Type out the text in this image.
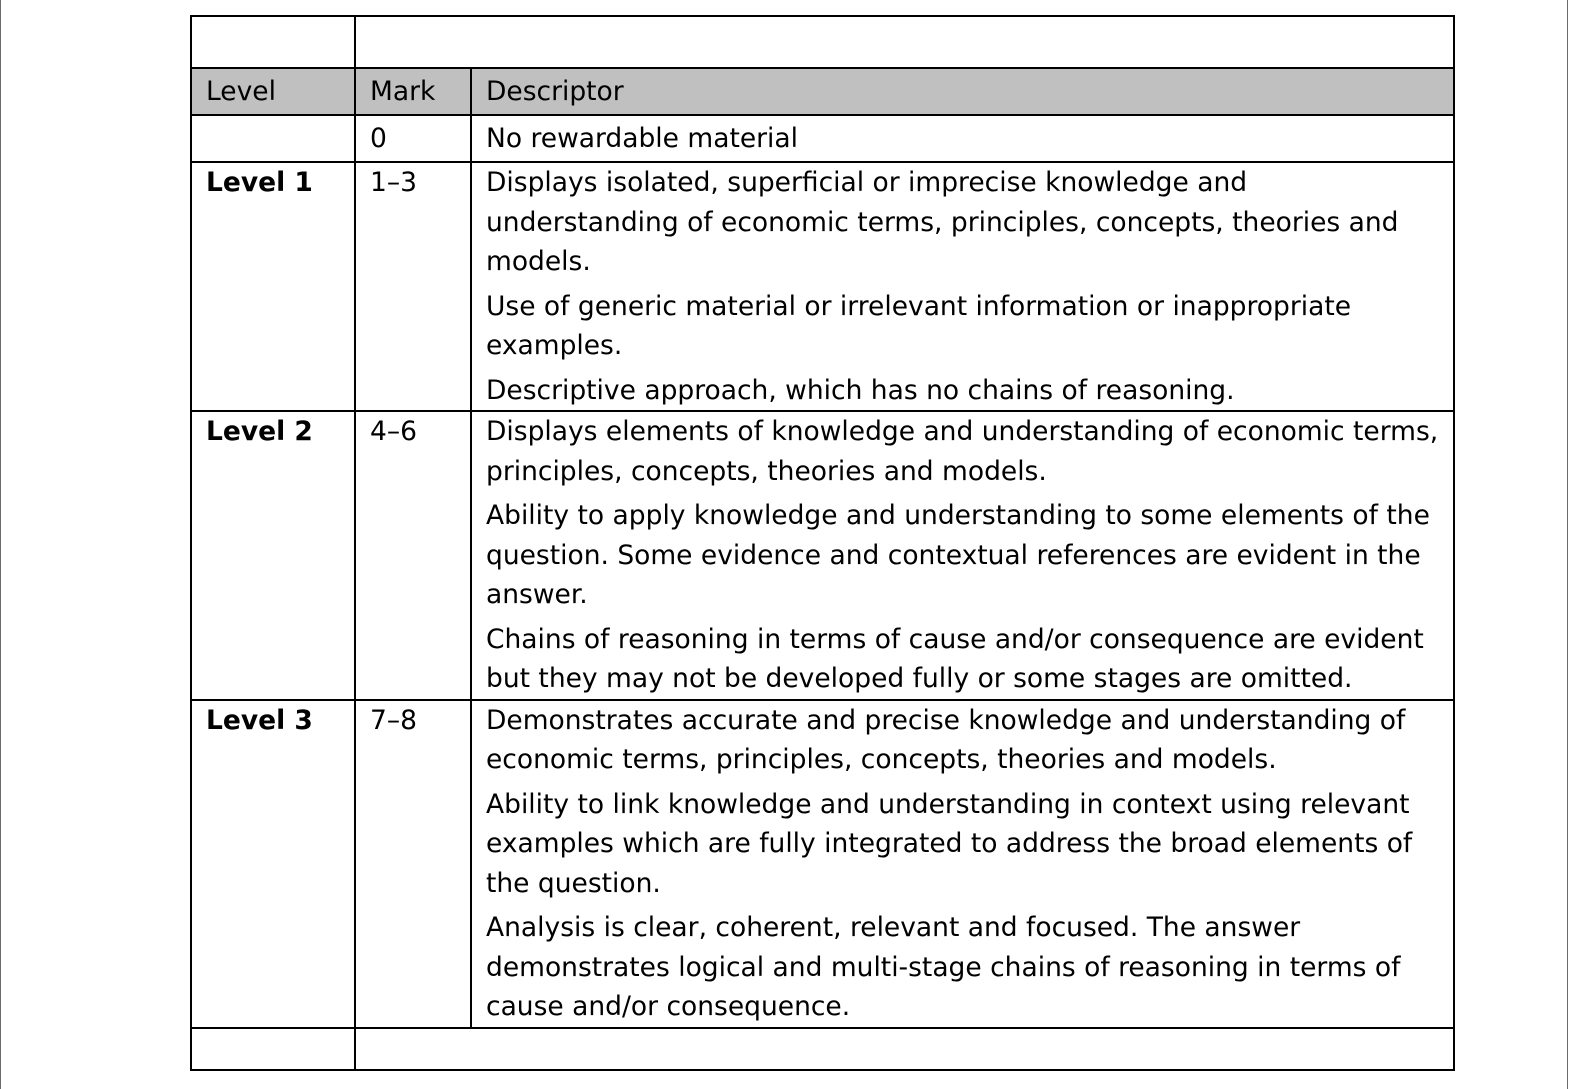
Level	Mark	Descriptor
	0	No rewardable material
Level 1	1–3	Displays isolated, superficial or imprecise knowledge and understanding of economic terms, principles, concepts, theories and models.

Use of generic material or irrelevant information or inappropriate examples.

Descriptive approach, which has no chains of reasoning.

Level 2	4–6	Displays elements of knowledge and understanding of economic terms, principles, concepts, theories and models.

Ability to apply knowledge and understanding to some elements of the question. Some evidence and contextual references are evident in the answer.

Chains of reasoning in terms of cause and/or consequence are evident but they may not be developed fully or some stages are omitted.

Level 3	7–8	Demonstrates accurate and precise knowledge and understanding of economic terms, principles, concepts, theories and models.

Ability to link knowledge and understanding in context using relevant examples which are fully integrated to address the broad elements of the question.

Analysis is clear, coherent, relevant and focused. The answer demonstrates logical and multi-stage chains of reasoning in terms of cause and/or consequence.
